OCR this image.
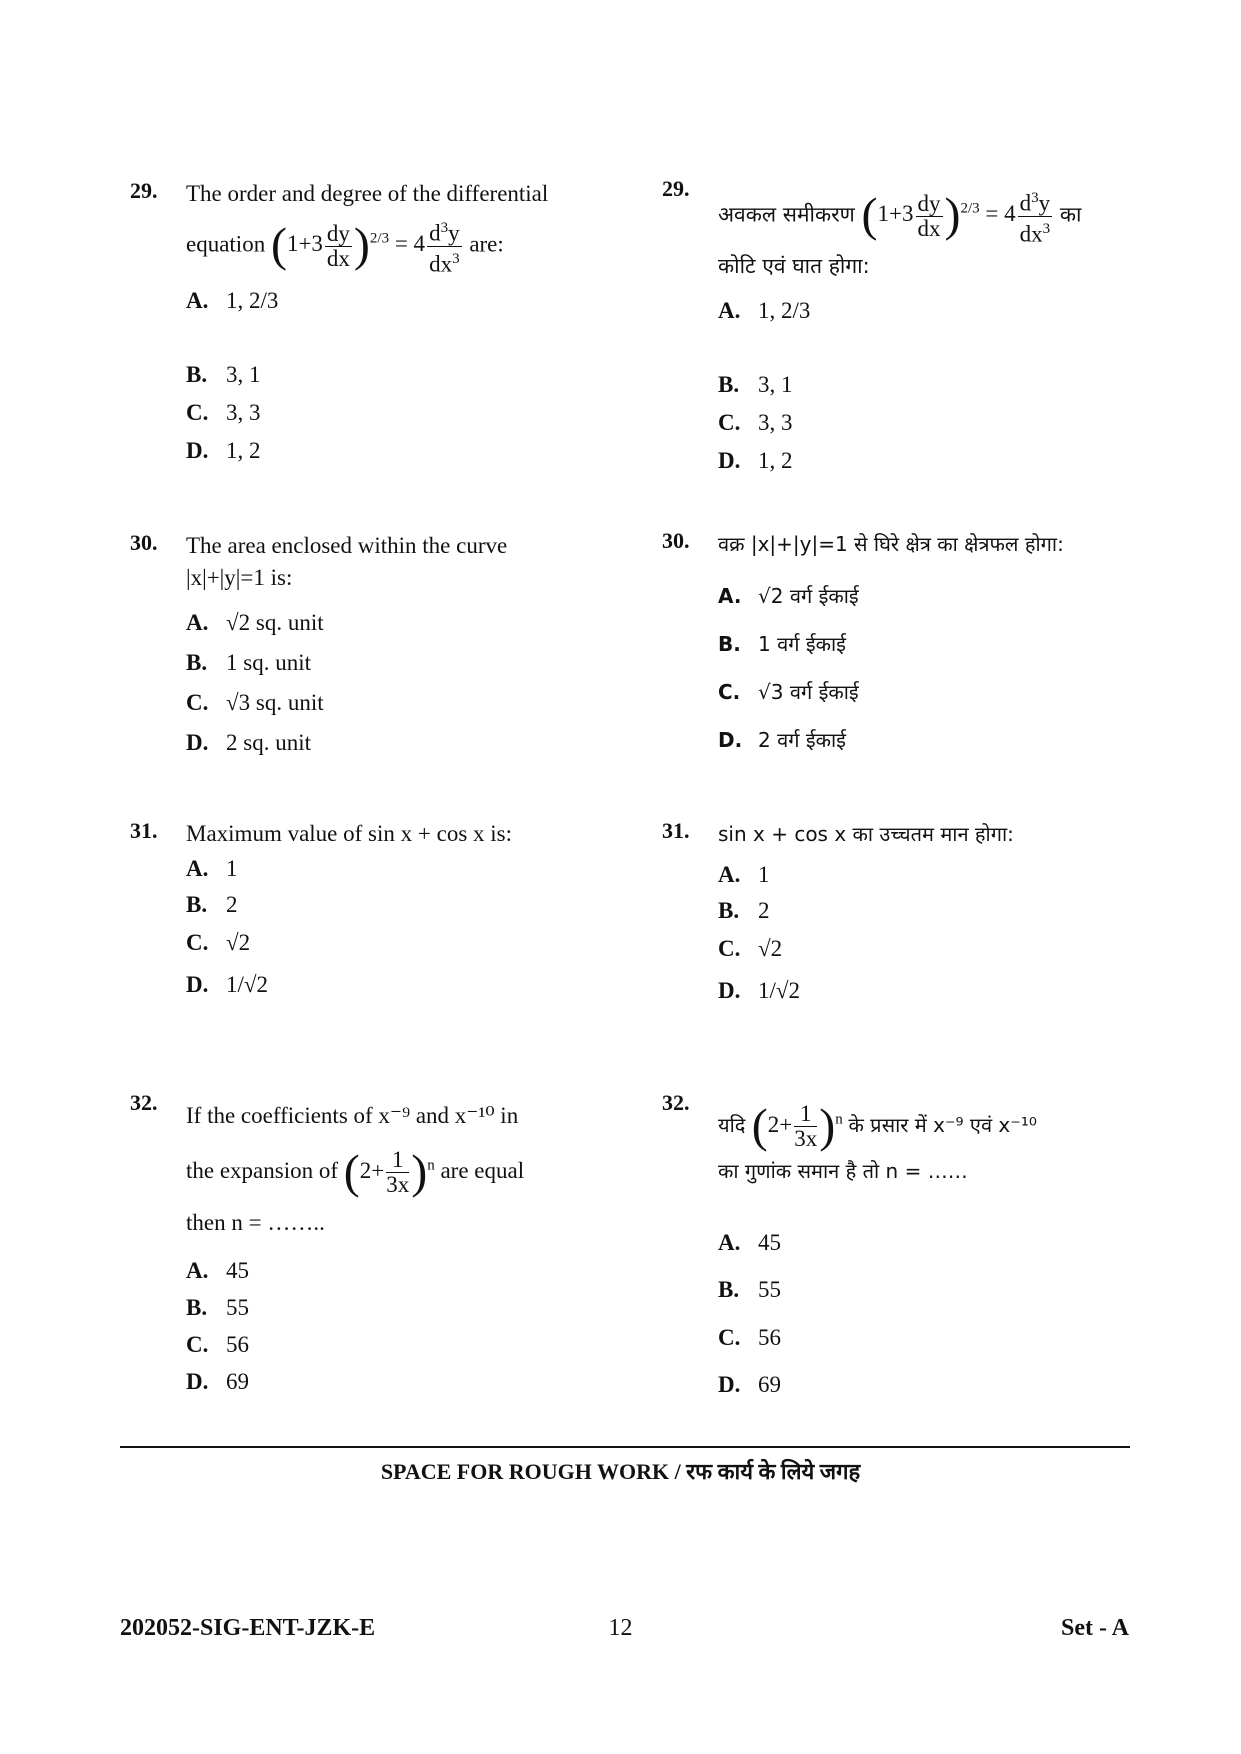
29. The order and degree of the differential
equation $(1+3 \frac{dy}{dx} )^{2/3} = 4 \frac{d^3y}{dx^3}$ are:
A. 1, 2/3
B. 3, 1
C. 3, 3
D. 1, 2
30. The area enclosed within the curve
|x|+|y|=1 is:
A. √2 sq. unit
B. 1 sq. unit
C. √3 sq. unit
D. 2 sq. unit
31. Maximum value of sin x + cos x is:
A. 1
B. 2
C. √2
D. 1/√2
32.
If the coefficients of x⁻⁹ and x⁻¹⁰ in
the expansion of $(2+ \frac{1}{3x} )^n$ are equal
then n = ……..
A. 45
B. 55
C. 56
D. 69
29.
अवकल समीकरण $(1+3 \frac{dy}{dx} )^{2/3} = 4 \frac{d^3y}{dx^3}$ का
कोटि एवं घात होगा:
A. 1, 2/3
B. 3, 1
C. 3, 3
D. 1, 2
30. वक्र |x|+|y|=1 से घिरे क्षेत्र का क्षेत्रफल होगा:
A. √2 वर्ग ईकाई
B. 1 वर्ग ईकाई
C. √3 वर्ग ईकाई
D. 2 वर्ग ईकाई
31. sin x + cos x का उच्चतम मान होगा:
A. 1
B. 2
C. √2
D. 1/√2
32.
यदि $(2+ \frac{1}{3x} )^n$ के प्रसार में x⁻⁹ एवं x⁻¹⁰
का गुणांक समान है तो n = ……
A. 45
B. 55
C. 56
D. 69
SPACE FOR ROUGH WORK / रफ कार्य के लिये जगह
202052-SIG-ENT-JZK-E	12	Set - A
